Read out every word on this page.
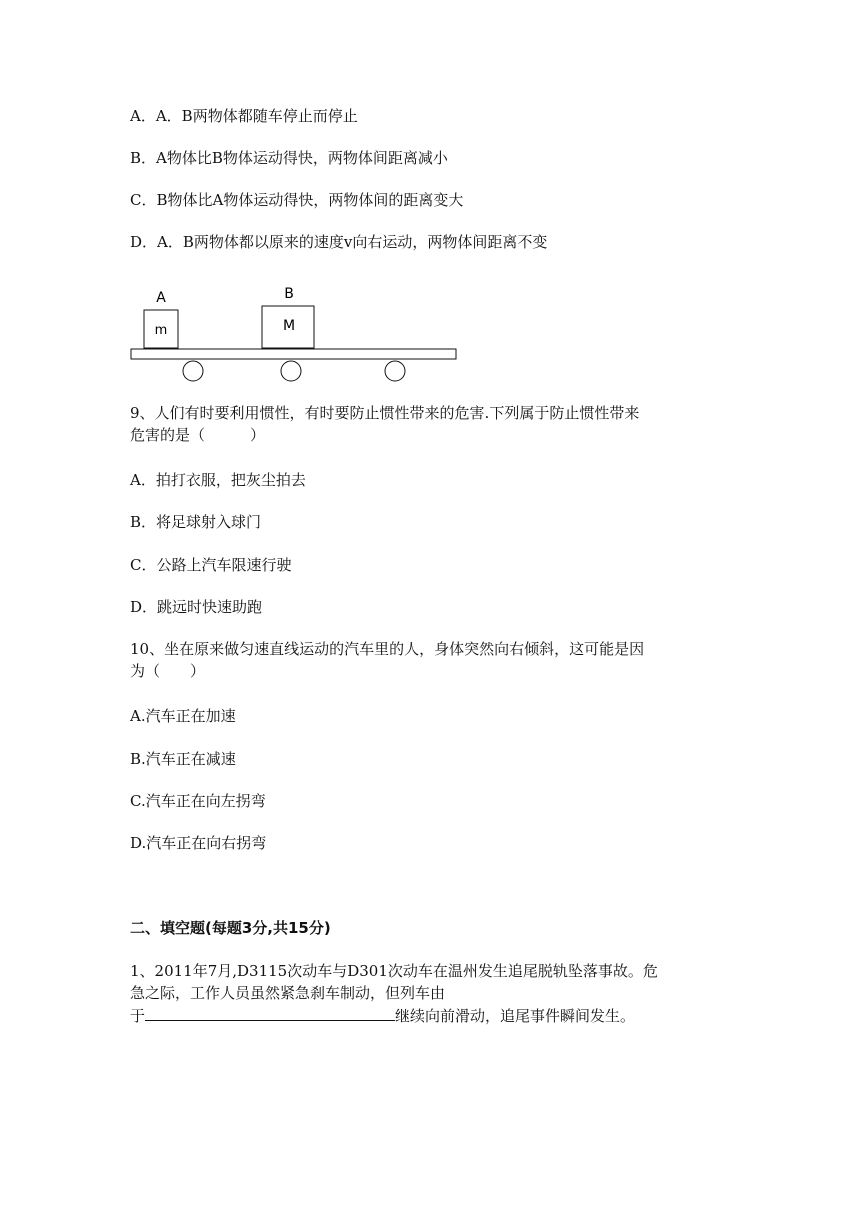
A．A．B两物体都随车停止而停止
B．A物体比B物体运动得快，两物体间距离减小
C．B物体比A物体运动得快，两物体间的距离变大
D．A．B两物体都以原来的速度v向右运动，两物体间距离不变
A	B
m	M
9、人们有时要利用惯性，有时要防止惯性带来的危害.下列属于防止惯性带来
危害的是（　　　）
A．拍打衣服，把灰尘拍去
B．将足球射入球门
C．公路上汽车限速行驶
D．跳远时快速助跑
10、坐在原来做匀速直线运动的汽车里的人，身体突然向右倾斜，这可能是因
为（　　）
A.汽车正在加速
B.汽车正在减速
C.汽车正在向左拐弯
D.汽车正在向右拐弯
二、填空题(每题3分,共15分)
1、2011年7月,D3115次动车与D301次动车在温州发生追尾脱轨坠落事故。危
急之际，工作人员虽然紧急刹车制动，但列车由
于	继续向前滑动，追尾事件瞬间发生。
